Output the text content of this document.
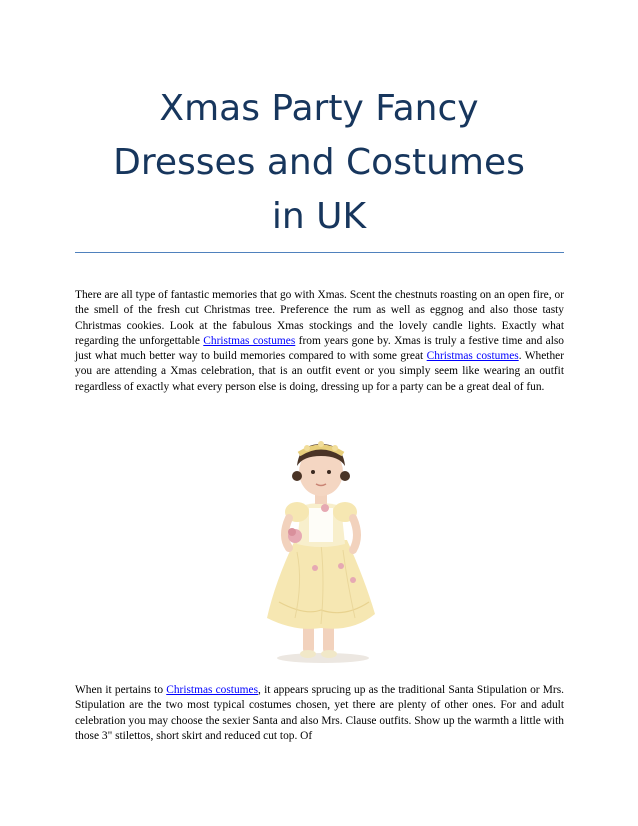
Xmas Party Fancy
Dresses and Costumes
in UK

There are all type of fantastic memories that go with Xmas. Scent the chestnuts roasting on an open fire, or the smell of the fresh cut Christmas tree. Preference the rum as well as eggnog and also those tasty Christmas cookies. Look at the fabulous Xmas stockings and the lovely candle lights. Exactly what regarding the unforgettable Christmas costumes from years gone by. Xmas is truly a festive time and also just what much better way to build memories compared to with some great Christmas costumes. Whether you are attending a Xmas celebration, that is an outfit event or you simply seem like wearing an outfit regardless of exactly what every person else is doing, dressing up for a party can be a great deal of fun.

When it pertains to Christmas costumes, it appears sprucing up as the traditional Santa Stipulation or Mrs. Stipulation are the two most typical costumes chosen, yet there are plenty of other ones. For and adult celebration you may choose the sexier Santa and also Mrs. Clause outfits. Show up the warmth a little with those 3" stilettos, short skirt and reduced cut top. Of
